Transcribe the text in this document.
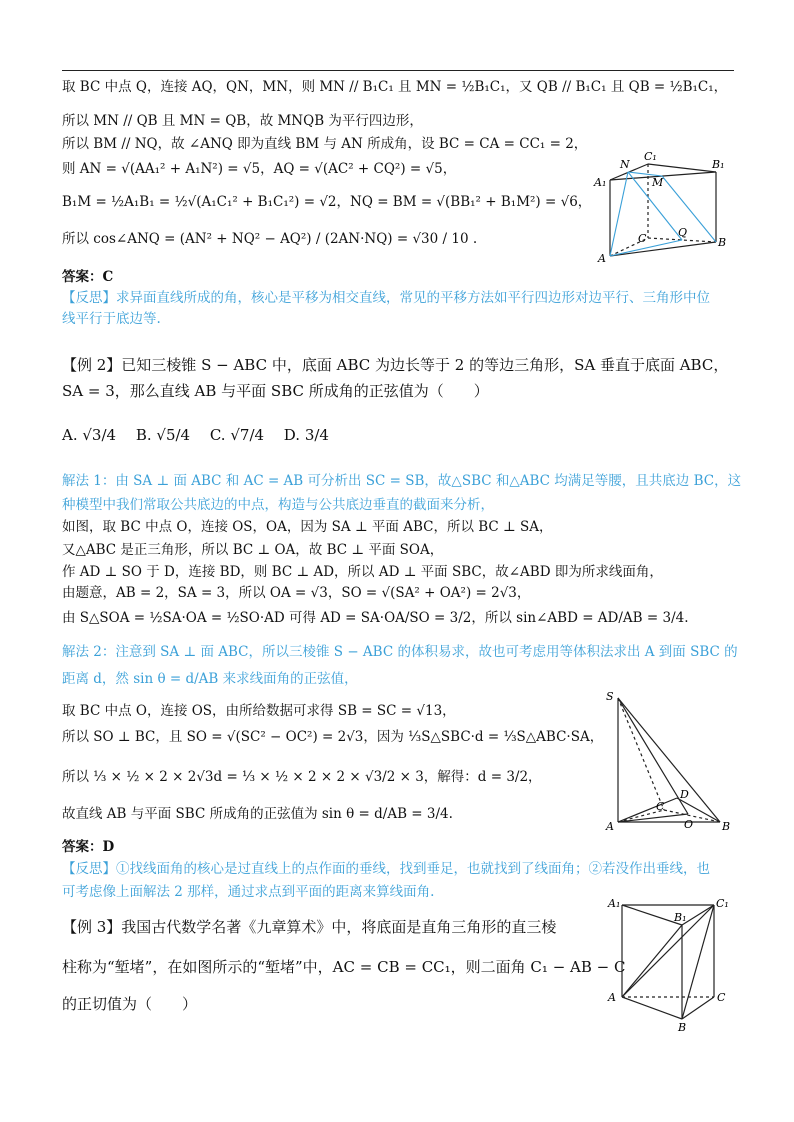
取 BC 中点 Q，连接 AQ，QN，MN，则 MN // B₁C₁ 且 MN = ½B₁C₁，又 QB // B₁C₁ 且 QB = ½B₁C₁，
所以 MN // QB 且 MN = QB，故 MNQB 为平行四边形，
所以 BM // NQ，故 ∠ANQ 即为直线 BM 与 AN 所成角，设 BC = CA = CC₁ = 2，
则 AN = √(AA₁² + A₁N²) = √5，AQ = √(AC² + CQ²) = √5，
B₁M = ½A₁B₁ = ½√(A₁C₁² + B₁C₁²) = √2，NQ = BM = √(BB₁² + B₁M²) = √6，
所以 cos∠ANQ = (AN² + NQ² − AQ²) / (2AN·NQ) = √30 / 10 .
答案：C
【反思】求异面直线所成的角，核心是平移为相交直线，常见的平移方法如平行四边形对边平行、三角形中位
线平行于底边等.
A₁
N
C₁
B₁
M
C	Q
B
A
【例 2】已知三棱锥 S − ABC 中，底面 ABC 为边长等于 2 的等边三角形，SA 垂直于底面 ABC，
SA = 3，那么直线 AB 与平面 SBC 所成角的正弦值为（　　）
A. √3/4　 B. √5/4　 C. √7/4　 D. 3/4
解法 1：由 SA ⊥ 面 ABC 和 AC = AB 可分析出 SC = SB，故△SBC 和△ABC 均满足等腰，且共底边 BC，这
种模型中我们常取公共底边的中点，构造与公共底边垂直的截面来分析，
如图，取 BC 中点 O，连接 OS，OA，因为 SA ⊥ 平面 ABC，所以 BC ⊥ SA，
又△ABC 是正三角形，所以 BC ⊥ OA，故 BC ⊥ 平面 SOA，
作 AD ⊥ SO 于 D，连接 BD，则 BC ⊥ AD，所以 AD ⊥ 平面 SBC，故∠ABD 即为所求线面角，
由题意，AB = 2，SA = 3，所以 OA = √3，SO = √(SA² + OA²) = 2√3，
由 S△SOA = ½SA·OA = ½SO·AD 可得 AD = SA·OA/SO = 3/2，所以 sin∠ABD = AD/AB = 3/4.
解法 2：注意到 SA ⊥ 面 ABC，所以三棱锥 S − ABC 的体积易求，故也可考虑用等体积法求出 A 到面 SBC 的
距离 d，然 sin θ = d/AB 来求线面角的正弦值，
取 BC 中点 O，连接 OS，由所给数据可求得 SB = SC = √13，
所以 SO ⊥ BC，且 SO = √(SC² − OC²) = 2√3，因为 ⅓S△SBC·d = ⅓S△ABC·SA，
所以 ⅓ × ½ × 2 × 2√3d = ⅓ × ½ × 2 × 2 × √3/2 × 3，解得：d = 3/2，
故直线 AB 与平面 SBC 所成角的正弦值为 sin θ = d/AB = 3/4.
答案：D
【反思】①找线面角的核心是过直线上的点作面的垂线，找到垂足，也就找到了线面角；②若没作出垂线，也
可考虑像上面解法 2 那样，通过求点到平面的距离来算线面角.
S
D
C
A	O	B
【例 3】我国古代数学名著《九章算术》中，将底面是直角三角形的直三棱
柱称为“堑堵”，在如图所示的“堑堵”中，AC = CB = CC₁，则二面角 C₁ − AB − C
的正切值为（　　）
A₁
B₁
C₁
A	C
B
